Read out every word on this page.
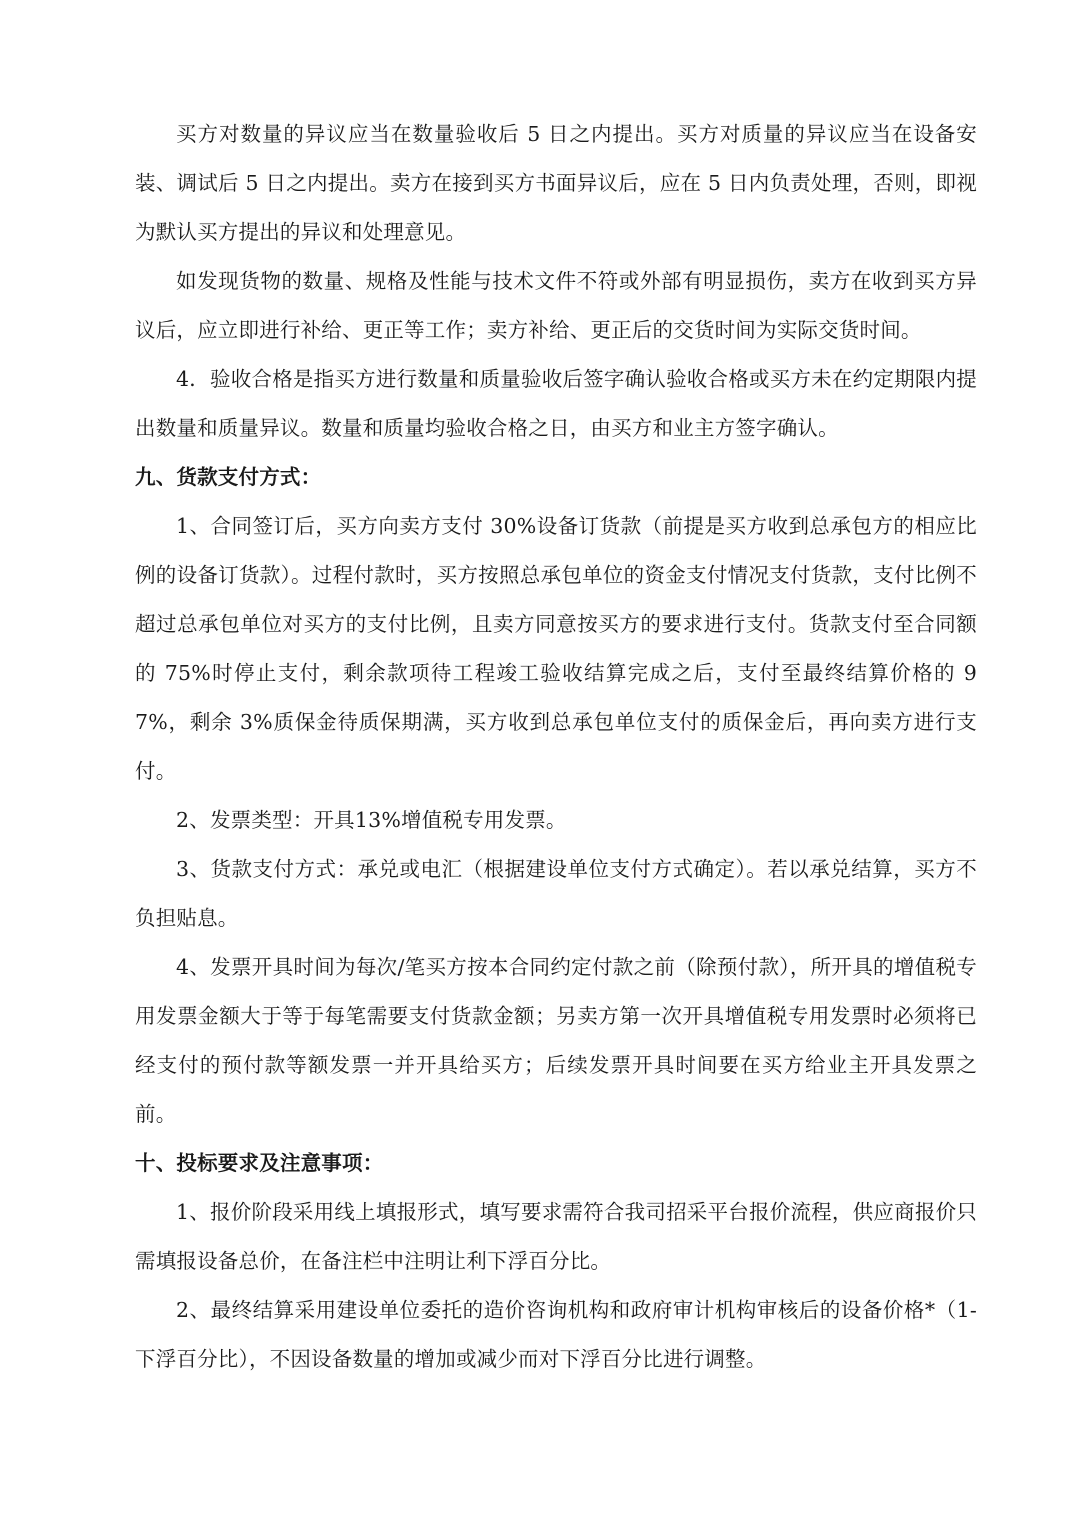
买方对数量的异议应当在数量验收后 5 日之内提出。买方对质量的异议应当在设备安装、调试后 5 日之内提出。卖方在接到买方书面异议后，应在 5 日内负责处理，否则，即视为默认买方提出的异议和处理意见。

如发现货物的数量、规格及性能与技术文件不符或外部有明显损伤，卖方在收到买方异议后，应立即进行补给、更正等工作；卖方补给、更正后的交货时间为实际交货时间。

4．验收合格是指买方进行数量和质量验收后签字确认验收合格或买方未在约定期限内提出数量和质量异议。数量和质量均验收合格之日，由买方和业主方签字确认。

九、货款支付方式：

1、合同签订后，买方向卖方支付 30%设备订货款（前提是买方收到总承包方的相应比例的设备订货款）。过程付款时，买方按照总承包单位的资金支付情况支付货款，支付比例不超过总承包单位对买方的支付比例，且卖方同意按买方的要求进行支付。货款支付至合同额的 75%时停止支付，剩余款项待工程竣工验收结算完成之后，支付至最终结算价格的 97%，剩余 3%质保金待质保期满，买方收到总承包单位支付的质保金后，再向卖方进行支付。

2、发票类型：开具13%增值税专用发票。

3、货款支付方式：承兑或电汇（根据建设单位支付方式确定）。若以承兑结算，买方不负担贴息。

4、发票开具时间为每次/笔买方按本合同约定付款之前（除预付款），所开具的增值税专用发票金额大于等于每笔需要支付货款金额；另卖方第一次开具增值税专用发票时必须将已经支付的预付款等额发票一并开具给买方；后续发票开具时间要在买方给业主开具发票之前。

十、投标要求及注意事项：

1、报价阶段采用线上填报形式，填写要求需符合我司招采平台报价流程，供应商报价只需填报设备总价，在备注栏中注明让利下浮百分比。

2、最终结算采用建设单位委托的造价咨询机构和政府审计机构审核后的设备价格*（1-下浮百分比），不因设备数量的增加或减少而对下浮百分比进行调整。
